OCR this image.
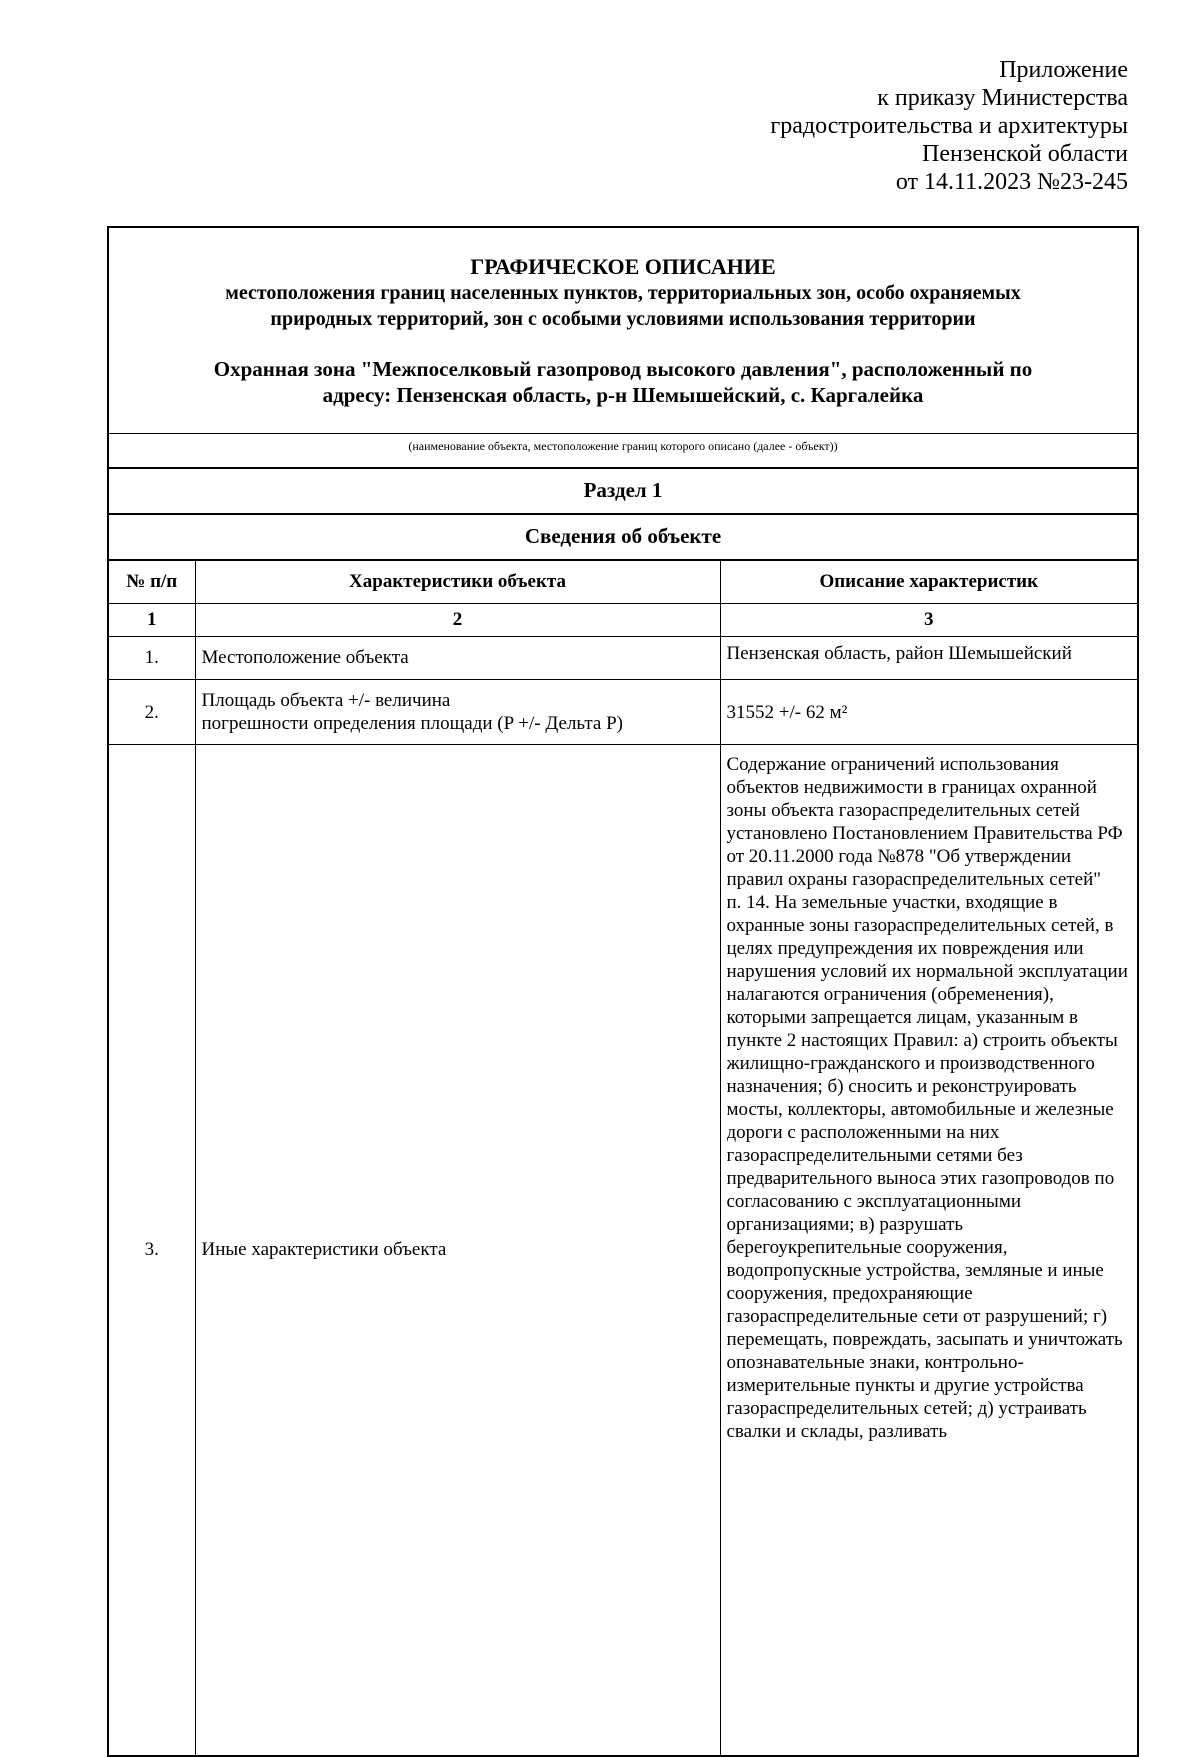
Приложение
к приказу Министерства
градостроительства и архитектуры
Пензенской области
от 14.11.2023 №23-245
ГРАФИЧЕСКОЕ ОПИСАНИЕ
местоположения границ населенных пунктов, территориальных зон, особо охраняемых
природных территорий, зон с особыми условиями использования территории
Охранная зона "Межпоселковый газопровод высокого давления", расположенный по
адресу: Пензенская область, р-н Шемышейский, с. Каргалейка
(наименование объекта, местоположение границ которого описано (далее - объект))
Раздел 1
Сведения об объекте
№ п/п	Характеристики объекта	Описание характеристик
1	2	3
1.	Местоположение объекта	Пензенская область, район Шемышейский

2.	Площадь объекта +/- величина
погрешности определения площади (P +/- Дельта P)	31552 +/- 62 м²
3.	Иные характеристики объекта	Содержание ограничений использования объектов недвижимости в границах охранной зоны объекта газораспределительных сетей установлено Постановлением Правительства РФ от 20.11.2000 года №878 "Об утверждении правил охраны газораспределительных сетей"
п. 14. На земельные участки, входящие в охранные зоны газораспределительных сетей, в целях предупреждения их повреждения или нарушения условий их нормальной эксплуатации налагаются ограничения (обременения), которыми запрещается лицам, указанным в пункте 2 настоящих Правил: а) строить объекты жилищно-гражданского и производственного назначения; б) сносить и реконструировать мосты, коллекторы, автомобильные и железные дороги с расположенными на них газораспределительными сетями без предварительного выноса этих газопроводов по согласованию с эксплуатационными организациями; в) разрушать берегоукрепительные сооружения, водопропускные устройства, земляные и иные сооружения, предохраняющие газораспределительные сети от разрушений; г) перемещать, повреждать, засыпать и уничтожать опознавательные знаки, контрольно-измерительные пункты и другие устройства газораспределительных сетей; д) устраивать свалки и склады, разливать
